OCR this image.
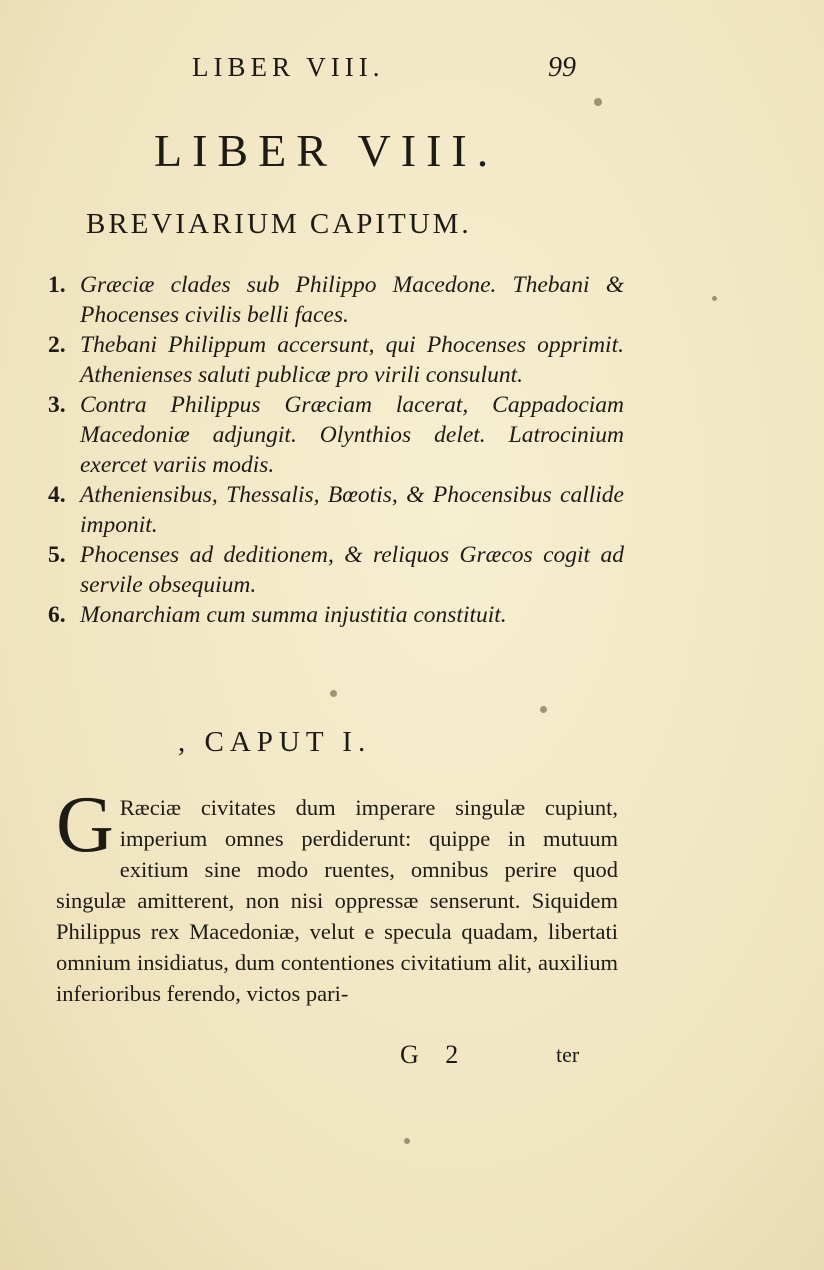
LIBER VIII.	99
LIBER VIII.
BREVIARIUM CAPITUM.
1. Græciæ clades sub Philippo Macedone. Thebani & Phocenses civilis belli faces.
2. Thebani Philippum accersunt, qui Phocenses opprimit. Athenienses saluti publicæ pro virili consulunt.
3. Contra Philippus Græciam lacerat, Cappadociam Macedoniæ adjungit. Olynthios delet. Latrocinium exercet variis modis.
4. Atheniensibus, Thessalis, Bœotis, & Phocensibus callide imponit.
5. Phocenses ad deditionem, & reliquos Græcos cogit ad servile obsequium.
6. Monarchiam cum summa injustitia constituit.
, CAPUT I.

G Ræciæ civitates dum imperare singulæ cupiunt, imperium omnes perdiderunt: quippe in mutuum exitium sine modo ruentes, omnibus perire quod singulæ amitterent, non nisi oppressæ senserunt. Siquidem Philippus rex Macedoniæ, velut e specula quadam, libertati omnium insidiatus, dum contentiones civitatium alit, auxilium inferioribus ferendo, victos pari-

G 2	ter
